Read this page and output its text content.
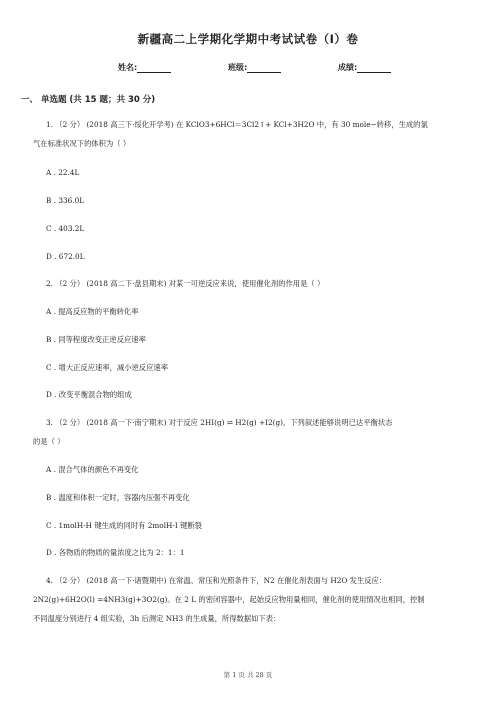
新疆高二上学期化学期中考试试卷（I）卷
姓名:	班级:	成绩:
一、 单选题 (共 15 题；共 30 分)
1. （2 分） (2018 高三下·绥化开学考) 在 KClO3+6HCl＝3Cl2↑+ KCl+3H2O 中，有 30 mole−转移，生成的氯
气在标准状况下的体积为（ ）
A . 22.4L
B . 336.0L
C . 403.2L
D . 672.0L
2. （2 分） (2018 高二下·盘县期末) 对某一可逆反应来说，使用催化剂的作用是（ ）
A . 提高反应物的平衡转化率
B . 同等程度改变正逆反应速率
C . 增大正反应速率，减小逆反应速率
D . 改变平衡混合物的组成
3. （2 分） (2018 高一下·南宁期末) 对于反应 2HI(g) ⇌ H2(g) +I2(g)，下列叙述能够说明已达平衡状态
的是（ ）
A . 混合气体的颜色不再变化
B . 温度和体积一定时，容器内压强不再变化
C . 1molH-H 键生成的同时有 2molH-I 键断裂
D . 各物质的物质的量浓度之比为 2：1：1
4. （2 分） (2018 高一下·诸暨期中) 在常温、常压和光照条件下，N2 在催化剂表面与 H2O 发生反应：
2N2(g)+6H2O(l) =4NH3(g)+3O2(g)。在 2 L 的密闭容器中，起始反应物用量相同，催化剂的使用情况也相同，控制
不同温度分别进行 4 组实验，3h 后测定 NH3 的生成量，所得数据如下表：
第 1 页 共 28 页
